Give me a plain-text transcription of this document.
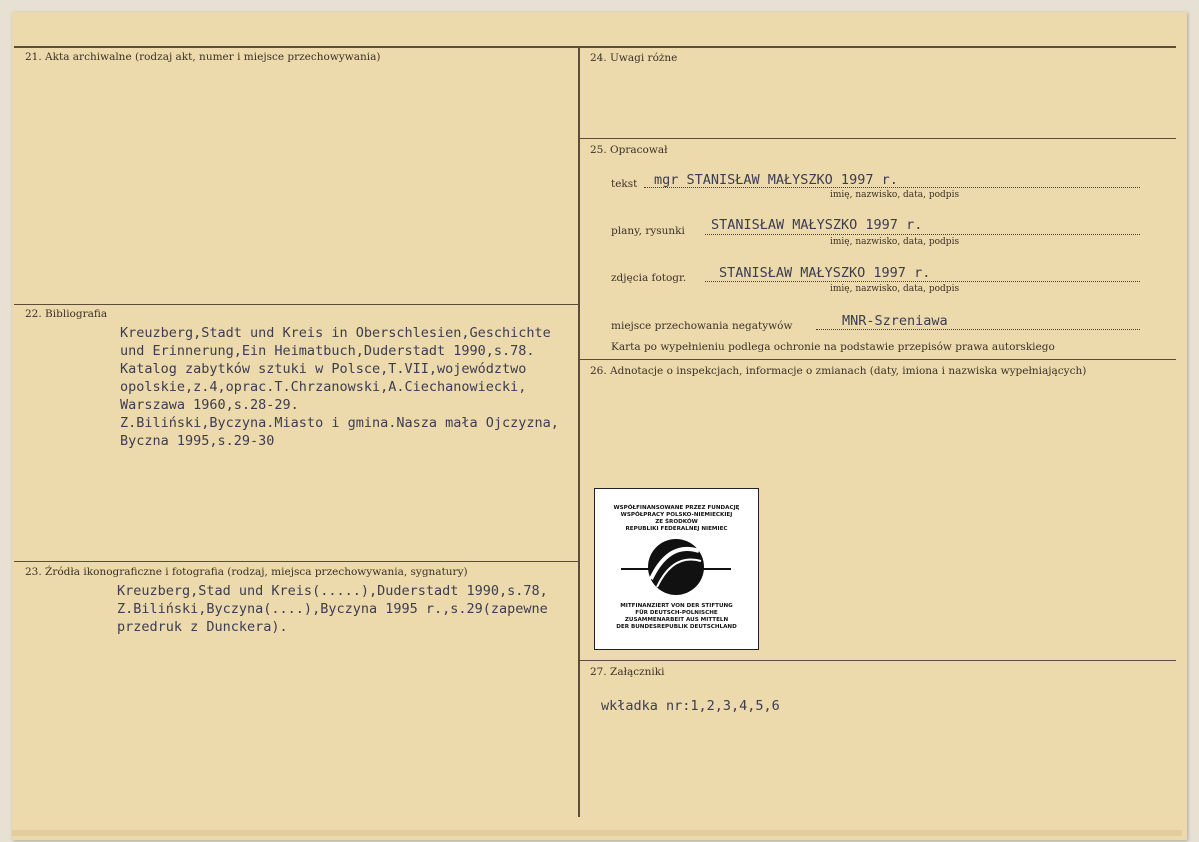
21. Akta archiwalne (rodzaj akt, numer i miejsce przechowywania)
22. Bibliografia
Kreuzberg,Stadt und Kreis in Oberschlesien,Geschichte
und Erinnerung,Ein Heimatbuch,Duderstadt 1990,s.78.
Katalog zabytków sztuki w Polsce,T.VII,województwo
opolskie,z.4,oprac.T.Chrzanowski,A.Ciechanowiecki,
Warszawa 1960,s.28-29.
Z.Biliński,Byczyna.Miasto i gmina.Nasza mała Ojczyzna,
Byczna 1995,s.29-30
23. Źródła ikonograficzne i fotografia (rodzaj, miejsca przechowywania, sygnatury)
Kreuzberg,Stad und Kreis(.....),Duderstadt 1990,s.78,
Z.Biliński,Byczyna(....),Byczyna 1995 r.,s.29(zapewne
przedruk z Dunckera).
24. Uwagi różne
25. Opracował
tekst mgr STANISŁAW MAŁYSZKO 1997 r.
imię, nazwisko, data, podpis
plany, rysunki STANISŁAW MAŁYSZKO 1997 r.
imię, nazwisko, data, podpis
zdjęcia fotogr. STANISŁAW MAŁYSZKO 1997 r.
imię, nazwisko, data, podpis
miejsce przechowania negatywów	MNR-Szreniawa
Karta po wypełnieniu podlega ochronie na podstawie przepisów prawa autorskiego
26. Adnotacje o inspekcjach, informacje o zmianach (daty, imiona i nazwiska wypełniających)
WSPÓŁFINANSOWANE PRZEZ FUNDACJĘ
WSPÓŁPRACY POLSKO-NIEMIECKIEJ
ZE ŚRODKÓW
REPUBLIKI FEDERALNEJ NIEMIEC
MITFINANZIERT VON DER STIFTUNG
FÜR DEUTSCH-POLNISCHE
ZUSAMMENARBEIT AUS MITTELN
DER BUNDESREPUBLIK DEUTSCHLAND
27. Załączniki
wkładka nr:1,2,3,4,5,6
